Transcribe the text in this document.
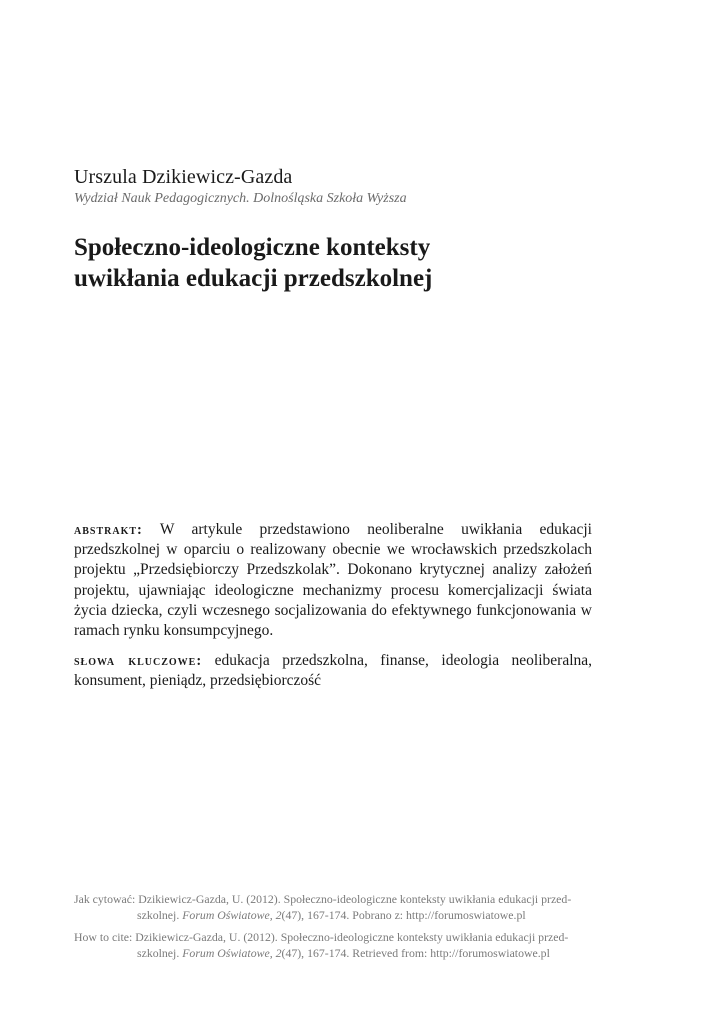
Urszula Dzikiewicz-Gazda
Wydział Nauk Pedagogicznych. Dolnośląska Szkoła Wyższa
Społeczno-ideologiczne konteksty
uwikłania edukacji przedszkolnej

abstrakt: W artykule przedstawiono neoliberalne uwikłania edukacji przedszkolnej w oparciu o realizowany obecnie we wrocławskich przedszkolach projektu „Przedsiębiorczy Przedszkolak”. Dokonano krytycznej analizy założeń projektu, ujawniając ideologiczne mechanizmy procesu komercjalizacji świata życia dziecka, czyli wczesnego socjalizowania do efektywnego funkcjonowania w ramach rynku konsumpcyjnego.

słowa kluczowe: edukacja przedszkolna, finanse, ideologia neoliberalna, konsument, pieniądz, przedsiębiorczość

Jak cytować: Dzikiewicz-Gazda, U. (2012). Społeczno-ideologiczne konteksty uwikłania edukacji przed-
szkolnej. Forum Oświatowe, 2(47), 167-174. Pobrano z: http://forumoswiatowe.pl
How to cite: Dzikiewicz-Gazda, U. (2012). Społeczno-ideologiczne konteksty uwikłania edukacji przed-
szkolnej. Forum Oświatowe, 2(47), 167-174. Retrieved from: http://forumoswiatowe.pl
